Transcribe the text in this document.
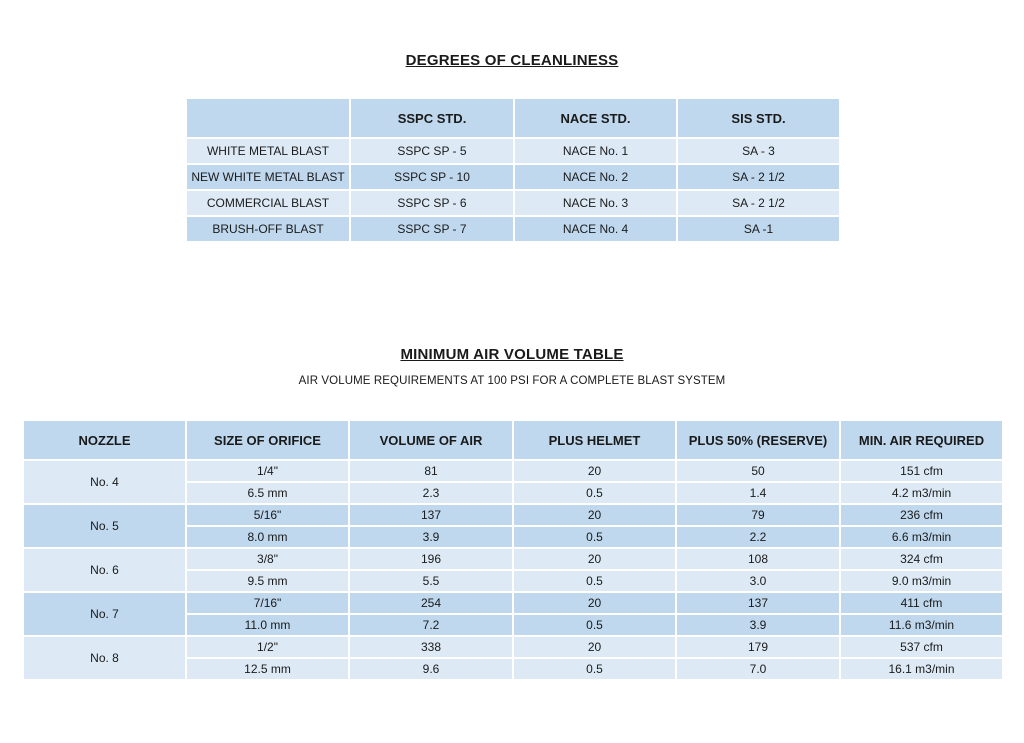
DEGREES OF CLEANLINESS
	SSPC STD.	NACE STD.	SIS STD.
WHITE METAL BLAST	SSPC SP - 5	NACE No. 1	SA - 3
NEW WHITE METAL BLAST	SSPC SP - 10	NACE No. 2	SA - 2 1/2
COMMERCIAL BLAST	SSPC SP - 6	NACE No. 3	SA - 2 1/2
BRUSH-OFF BLAST	SSPC SP - 7	NACE No. 4	SA -1
MINIMUM AIR VOLUME TABLE
AIR VOLUME REQUIREMENTS AT 100 PSI FOR A COMPLETE BLAST SYSTEM
NOZZLE	SIZE OF ORIFICE	VOLUME OF AIR	PLUS HELMET	PLUS 50% (RESERVE)	MIN. AIR REQUIRED
No. 4	1/4"	81	20	50	151 cfm
	6.5 mm	2.3	0.5	1.4	4.2 m3/min
No. 5	5/16"	137	20	79	236 cfm
	8.0 mm	3.9	0.5	2.2	6.6 m3/min
No. 6	3/8"	196	20	108	324 cfm
	9.5 mm	5.5	0.5	3.0	9.0 m3/min
No. 7	7/16"	254	20	137	411 cfm
	11.0 mm	7.2	0.5	3.9	11.6 m3/min
No. 8	1/2"	338	20	179	537 cfm
	12.5 mm	9.6	0.5	7.0	16.1 m3/min
